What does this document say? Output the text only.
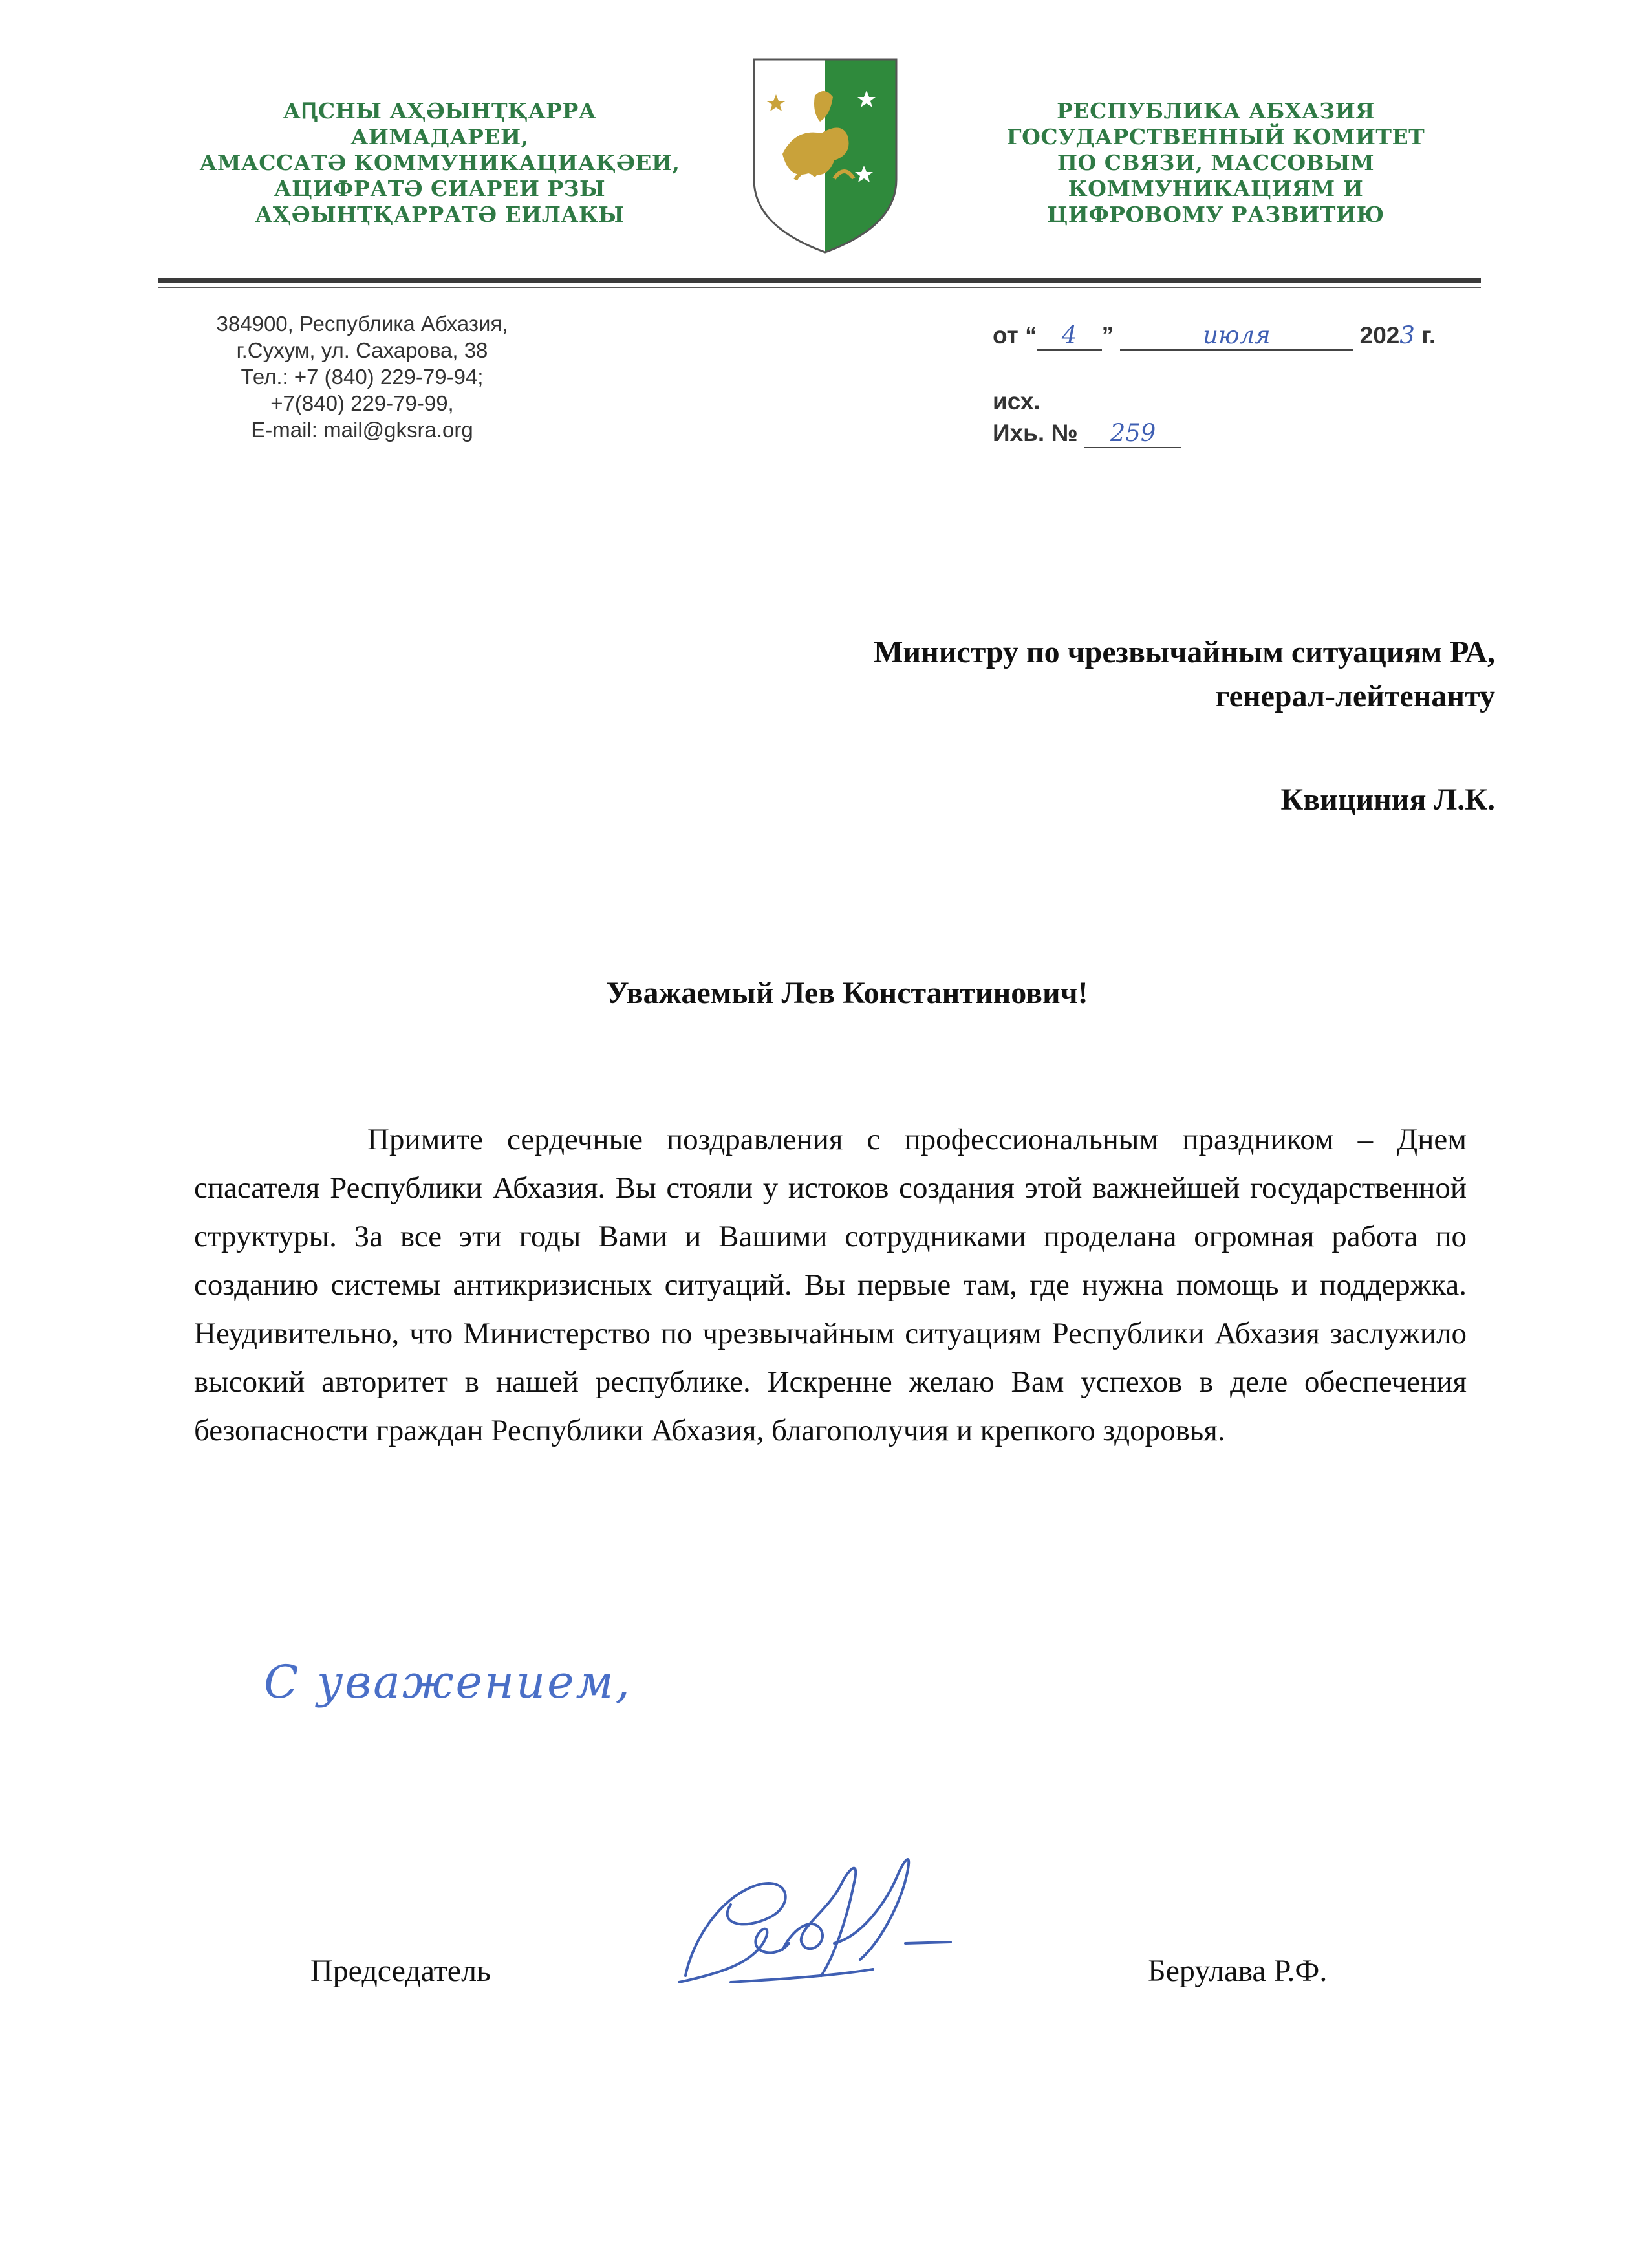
АԤСНЫ АҲӘЫНҬҚАРРА
АИМАДАРЕИ,
АМАССАТӘ КОММУНИКАЦИАҚӘЕИ,
АЦИФРАТӘ ЄИАРЕИ РЗЫ
АҲӘЫНҬҚАРРАТӘ ЕИЛАКЫ
РЕСПУБЛИКА АБХАЗИЯ
ГОСУДАРСТВЕННЫЙ КОМИТЕТ
ПО СВЯЗИ, МАССОВЫМ
КОММУНИКАЦИЯМ И
ЦИФРОВОМУ РАЗВИТИЮ
384900, Республика Абхазия,
г.Сухум, ул. Сахарова, 38
Тел.: +7 (840) 229-79-94;
+7(840) 229-79-99,
E-mail: mail@gksra.org
от “ 4 ”	июля	2023 г.
исх.
Ихь. № 259
Министру по чрезвычайным ситуациям РА,
генерал-лейтенанту
Квициния Л.К.
Уважаемый Лев Константинович!
Примите сердечные поздравления с профессиональным праздником – Днем спасателя Республики Абхазия. Вы стояли у истоков создания этой важнейшей государственной структуры. За все эти годы Вами и Вашими сотрудниками проделана огромная работа по созданию системы антикризисных ситуаций. Вы первые там, где нужна помощь и поддержка. Неудивительно, что Министерство по чрезвычайным ситуациям Республики Абхазия заслужило высокий авторитет в нашей республике. Искренне желаю Вам успехов в деле обеспечения безопасности граждан Республики Абхазия, благополучия и крепкого здоровья.
С уважением,
Председатель	Берулава Р.Ф.
